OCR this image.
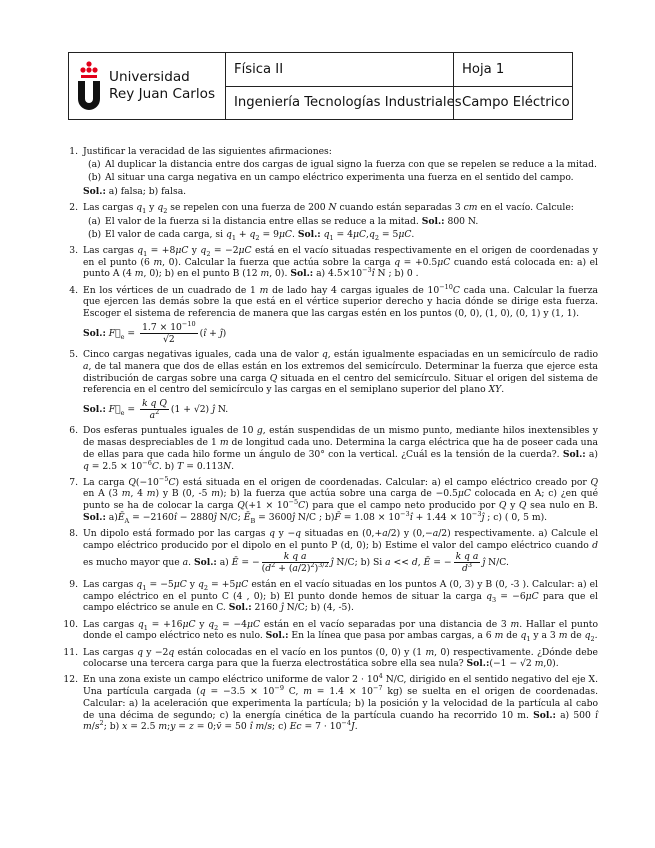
Universidad
Rey Juan Carlos
Física II
Ingeniería Tecnologías Industriales
Hoja 1
Campo Eléctrico
1. Justificar la veracidad de las siguientes afirmaciones:
(a) Al duplicar la distancia entre dos cargas de igual signo la fuerza con que se repelen se reduce a la mitad.
(b) Al situar una carga negativa en un campo eléctrico experimenta una fuerza en el sentido del campo.
Sol.: a) falsa; b) falsa.
2. Las cargas $q_1$ y $q_2$ se repelen con una fuerza de 200 N cuando están separadas 3 cm en el vacío. Calcule:
(a) El valor de la fuerza si la distancia entre ellas se reduce a la mitad. Sol.: 800 N.
(b) El valor de cada carga, si $q_1 + q_2 = 9\mu C$. Sol.: $q_1 = 4\mu C,q_2 = 5\mu C$.
3. Las cargas $q_1 = +8\mu C$ y $q_2 = -2\mu C$ está en el vacío situadas respectivamente en el origen de coordenadas y en el punto (6 m, 0). Calcular la fuerza que actúa sobre la carga q = +0.5μC cuando está colocada en: a) el punto A (4 m, 0); b) en el punto B (12 m, 0). Sol.: a) $4.5\times 10^{-3}î$ N ; b) 0 .
4. En los vértices de un cuadrado de 1 m de lado hay 4 cargas iguales de $10^{-10}C$ cada una. Calcular la fuerza que ejercen las demás sobre la que está en el vértice superior derecho y hacia dónde se dirige esta fuerza. Escoger el sistema de referencia de manera que las cargas estén en los puntos (0, 0), (1, 0), (0, 1) y (1, 1).
Sol.: $F⃗_e = \frac{1.7 \times 10^{-10}}{√2}$ (î + ĵ)
5. Cinco cargas negativas iguales, cada una de valor q, están igualmente espaciadas en un semicírculo de radio a, de tal manera que dos de ellas están en los extremos del semicírculo. Determinar la fuerza que ejerce esta distribución de cargas sobre una carga Q situada en el centro del semicírculo. Situar el origen del sistema de referencia en el centro del semicírculo y las cargas en el semiplano superior del plano XY.
Sol.: $F⃗_e = \frac{\text{k q Q}}{a^2} (1 + √2)$ ĵ N.
6. Dos esferas puntuales iguales de 10 g, están suspendidas de un mismo punto, mediante hilos inextensibles y de masas despreciables de 1 m de longitud cada uno. Determina la carga eléctrica que ha de poseer cada una de ellas para que cada hilo forme un ángulo de 30° con la vertical. ¿Cuál es la tensión de la cuerda?. Sol.: a) $q = 2.5 \times 10^{-6}C$. b) T = 0.113N.
7. La carga $Q(-10^{-5}C)$ está situada en el origen de coordenadas. Calcular: a) el campo eléctrico creado por Q en A (3 m, 4 m) y B (0, -5 m); b) la fuerza que actúa sobre una carga de −0.5μC colocada en A; c) ¿en qué punto se ha de colocar la carga $Q(+1 \times 10^{-5}C)$ para que el campo neto producido por Q y Q sea nulo en B. Sol.: $a)Ē_A$ = −2160î − 2880ĵ N/C; $Ē_B$ = 3600ĵ N/C ; b)F̄ = $1.08 \times 10^{-3}î + 1.44$ × $10^{-3}ĵ$ ; c) ( 0, 5 m).
8. Un dipolo está formado por las cargas q y −q situadas en (0,+a/2) y (0,−a/2) respectivamente. a) Calcule el campo eléctrico producido por el dipolo en el punto P (d, 0); b) Estime el valor del campo eléctrico cuando d es mucho mayor que a. Sol.: a) Ē = − $\frac{\text{k q a}}{(d^2 + (a/2)^2)^{3/2}}$ ĵ N/C; b) Si a << d, Ē = − $\frac{\text{k q a}}{d^3}$ ĵ N/C.
9. Las cargas $q_1 = -5\mu C$ y $q_2 = +5\mu C$ están en el vacío situadas en los puntos A (0, 3) y B (0, -3 ). Calcular: a) el campo eléctrico en el punto C (4 , 0); b) El punto donde hemos de situar la carga $q_3 = -6\mu C$ para que el campo eléctrico se anule en C. Sol.: 2160 ĵ N/C; b) (4, -5).
10. Las cargas $q_1 = +16\mu C$ y $q_2 = -4\mu C$ están en el vacío separadas por una distancia de 3 m. Hallar el punto donde el campo eléctrico neto es nulo. Sol.: En la línea que pasa por ambas cargas, a 6 m de $q_1$ y a 3 m de $q_2$.
11. Las cargas q y −2q están colocadas en el vacío en los puntos (0, 0) y (1 m, 0) respectivamente. ¿Dónde debe colocarse una tercera carga para que la fuerza electrostática sobre ella sea nula? Sol.:(−1 − √2 m,0).
12. En una zona existe un campo eléctrico uniforme de valor $2 \cdot 10^4$ N/C, dirigido en el sentido negativo del eje X. Una partícula cargada ($q = -3.5 \times 10^{-9}$ C, $m = 1.4 \times 10^{-7}$ kg) se suelta en el origen de coordenadas. Calcular: a) la aceleración que experimenta la partícula; b) la posición y la velocidad de la partícula al cabo de una décima de segundo; c) la energía cinética de la partícula cuando ha recorrido 10 m. Sol.: a) 500 î $m/s^2$; b) x = 2.5 m;y = z = 0;v̄ = 50 î m/s; c) $Ec = 7 \cdot 10^{-4}J$.
